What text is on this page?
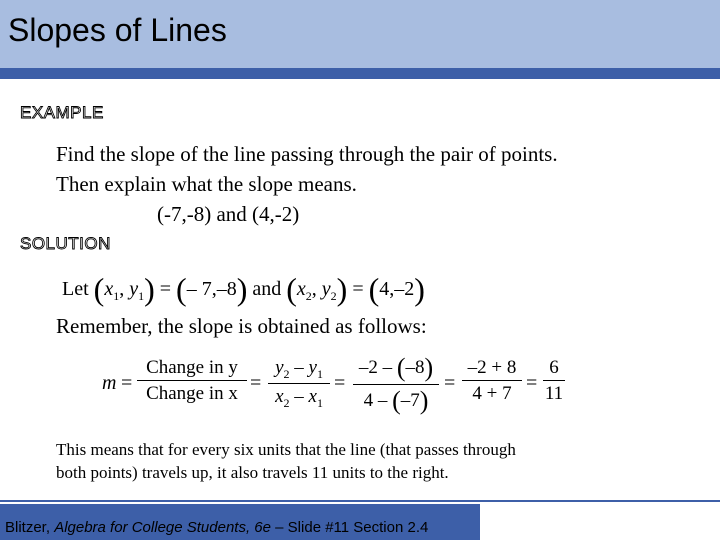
Slopes of Lines
EXAMPLE
Find the slope of the line passing through the pair of points.
Then explain what the slope means.
(-7,-8) and (4,-2)
SOLUTION
Let ($x_1$, $y_1$) = (– 7,–8) and ($x_2$, $y_2) = (4,-2)$
Remember, the slope is obtained as follows:
m =
Change in y
Change in $x = \frac{y_2 - y_1}{x_2 - x_1} = \frac{-2 - (-8)}{4 - (-7)} = \frac{-2 + 8}{4 + 7} = \frac{6}{11}$
This means that for every six units that the line (that passes through
both points) travels up, it also travels 11 units to the right.
Blitzer, Algebra for College Students, 6e – Slide #11 Section 2.4
